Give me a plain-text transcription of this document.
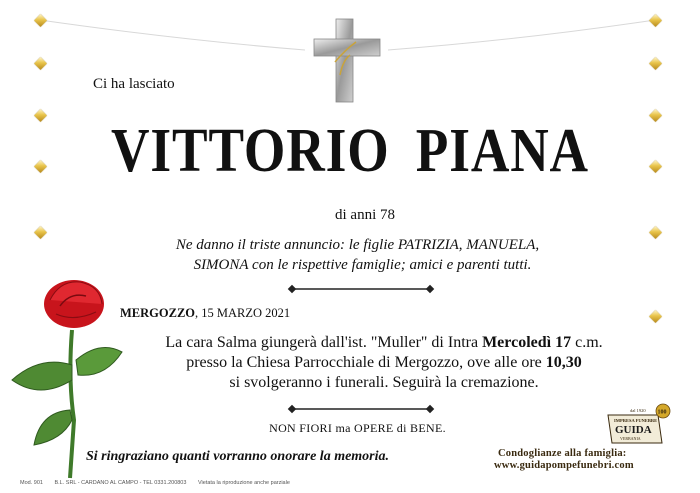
Ci ha lasciato
VITTORIO PIANA
di anni 78
Ne danno il triste annuncio: le figlie PATRIZIA, MANUELA,
SIMONA con le rispettive famiglie; amici e parenti tutti.
MERGOZZO, 15 MARZO 2021
La cara Salma giungerà dall'ist. "Muller" di Intra Mercoledì 17 c.m.
presso la Chiesa Parrocchiale di Mergozzo, ove alle ore 10,30
si svolgeranno i funerali. Seguirà la cremazione.
NON FIORI ma OPERE di BENE.
Si ringraziano quanti vorranno onorare la memoria.
dal 1920
IMPRESA FUNEBRE
GUIDA
VERBANIA
100
Condoglianze alla famiglia:
www.guidapompefunebri.com
Mod. 901 B.L. SRL - CARDANO AL CAMPO - TEL 0331.200803 Vietata la riproduzione anche parziale
